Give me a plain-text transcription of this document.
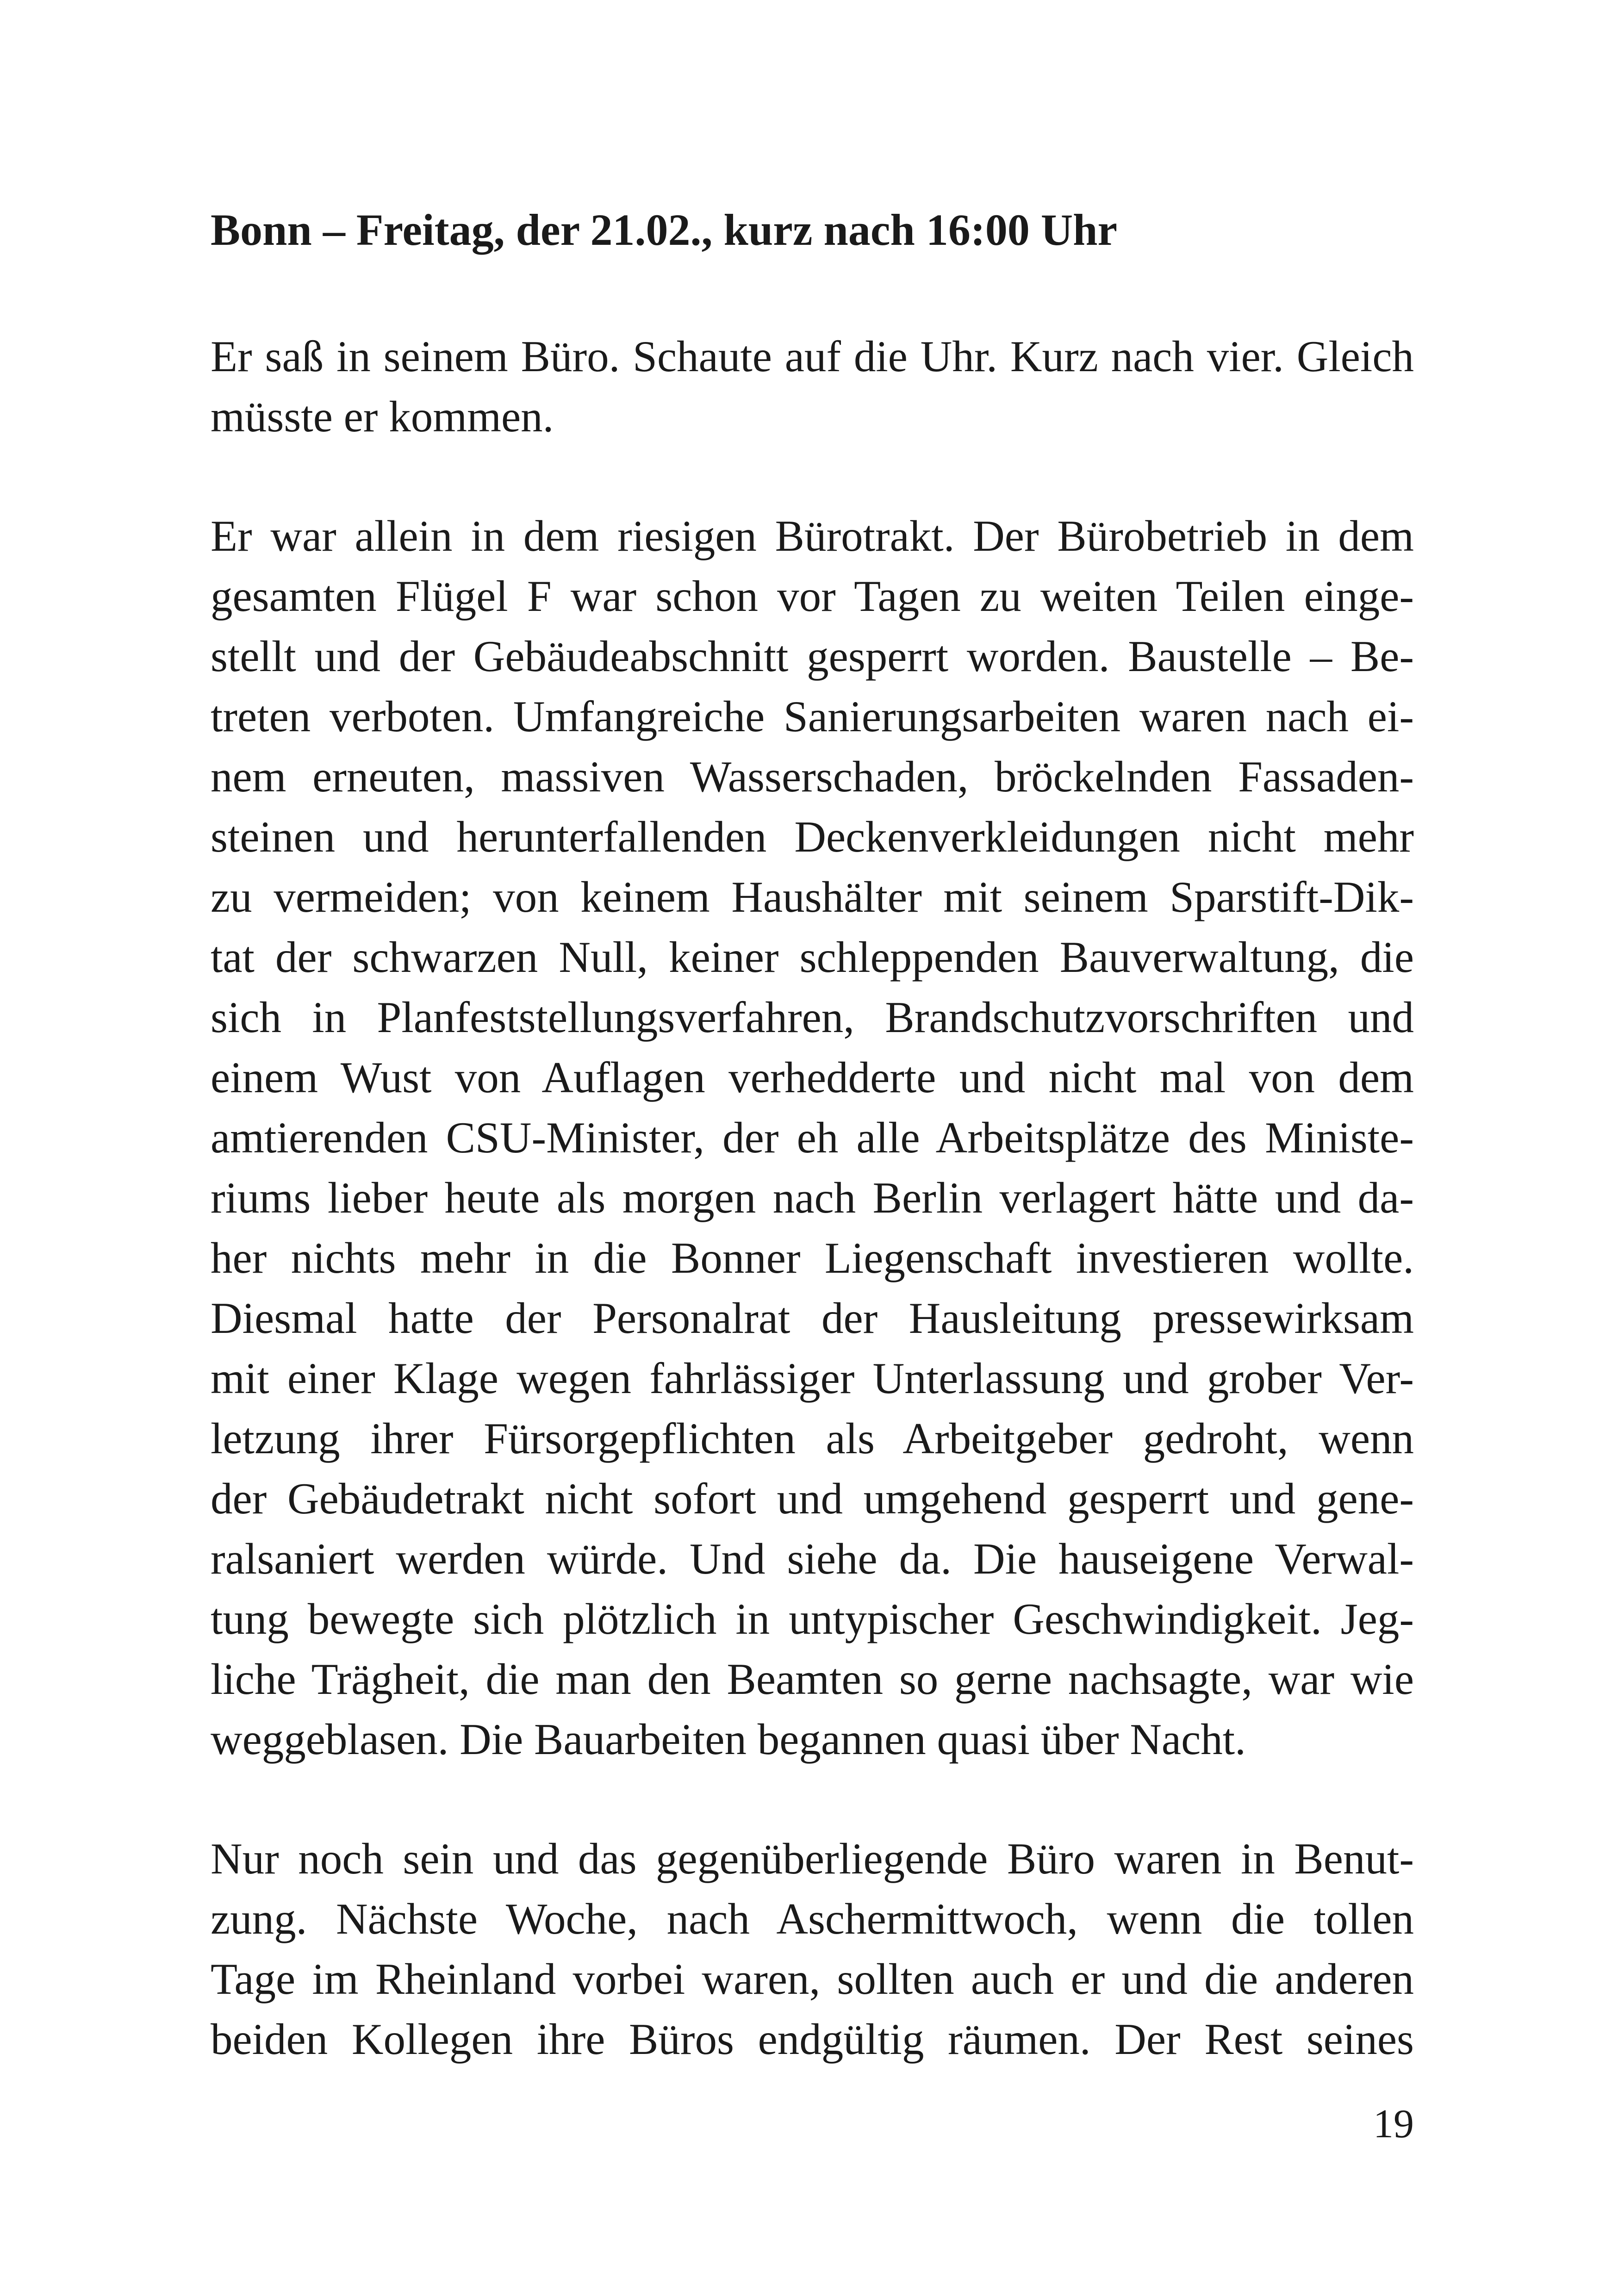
Bonn – Freitag, der 21.02., kurz nach 16:00 Uhr

Er saß in seinem Büro. Schaute auf die Uhr. Kurz nach vier. Gleich
müsste er kommen.

Er war allein in dem riesigen Bürotrakt. Der Bürobetrieb in dem
gesamten Flügel F war schon vor Tagen zu weiten Teilen einge-
stellt und der Gebäudeabschnitt gesperrt worden. Baustelle – Be-
treten verboten. Umfangreiche Sanierungsarbeiten waren nach ei-
nem erneuten, massiven Wasserschaden, bröckelnden Fassaden-
steinen und herunterfallenden Deckenverkleidungen nicht mehr
zu vermeiden; von keinem Haushälter mit seinem Sparstift-Dik-
tat der schwarzen Null, keiner schleppenden Bauverwaltung, die
sich in Planfeststellungsverfahren, Brandschutzvorschriften und
einem Wust von Auflagen verhedderte und nicht mal von dem
amtierenden CSU-Minister, der eh alle Arbeitsplätze des Ministe-
riums lieber heute als morgen nach Berlin verlagert hätte und da-
her nichts mehr in die Bonner Liegenschaft investieren wollte.
Diesmal hatte der Personalrat der Hausleitung pressewirksam
mit einer Klage wegen fahrlässiger Unterlassung und grober Ver-
letzung ihrer Fürsorgepflichten als Arbeitgeber gedroht, wenn
der Gebäudetrakt nicht sofort und umgehend gesperrt und gene-
ralsaniert werden würde. Und siehe da. Die hauseigene Verwal-
tung bewegte sich plötzlich in untypischer Geschwindigkeit. Jeg-
liche Trägheit, die man den Beamten so gerne nachsagte, war wie
weggeblasen. Die Bauarbeiten begannen quasi über Nacht.

Nur noch sein und das gegenüberliegende Büro waren in Benut-
zung. Nächste Woche, nach Aschermittwoch, wenn die tollen
Tage im Rheinland vorbei waren, sollten auch er und die anderen
beiden Kollegen ihre Büros endgültig räumen. Der Rest seines

19
